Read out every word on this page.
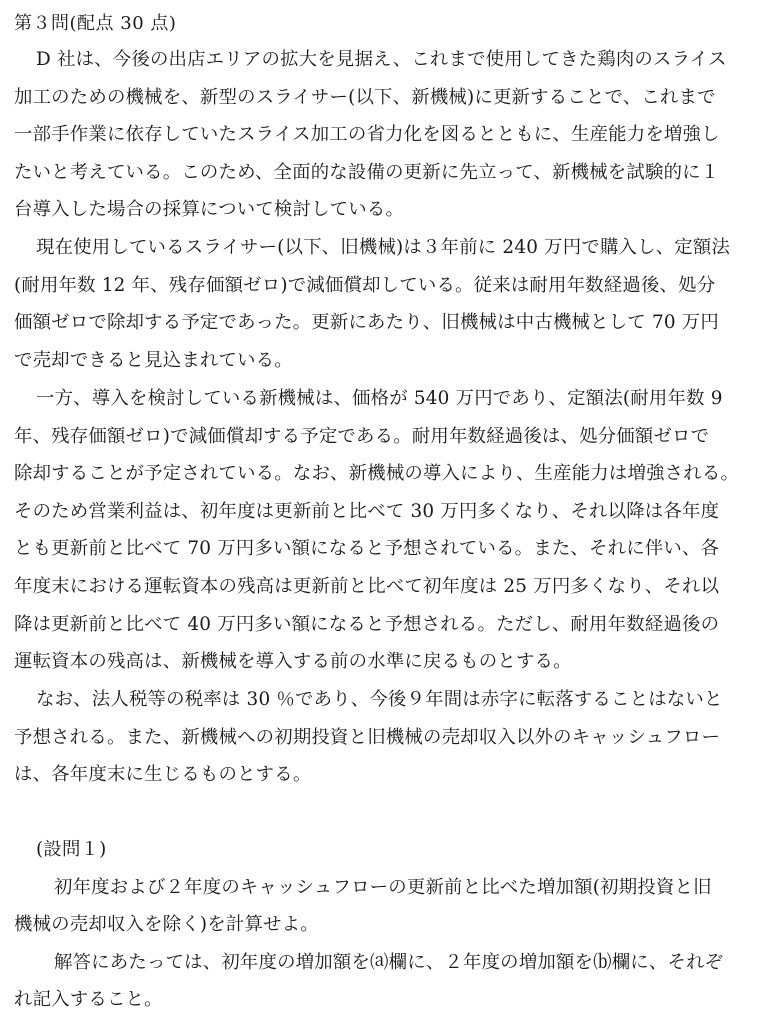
第３問(配点 30 点)
D 社は、今後の出店エリアの拡大を見据え、これまで使用してきた鶏肉のスライス
加工のための機械を、新型のスライサー(以下、新機械)に更新することで、これまで
一部手作業に依存していたスライス加工の省力化を図るとともに、生産能力を増強し
たいと考えている。このため、全面的な設備の更新に先立って、新機械を試験的に１
台導入した場合の採算について検討している。
現在使用しているスライサー(以下、旧機械)は３年前に 240 万円で購入し、定額法
(耐用年数 12 年、残存価額ゼロ)で減価償却している。従来は耐用年数経過後、処分
価額ゼロで除却する予定であった。更新にあたり、旧機械は中古機械として 70 万円
で売却できると見込まれている。
一方、導入を検討している新機械は、価格が 540 万円であり、定額法(耐用年数 9
年、残存価額ゼロ)で減価償却する予定である。耐用年数経過後は、処分価額ゼロで
除却することが予定されている。なお、新機械の導入により、生産能力は増強される。
そのため営業利益は、初年度は更新前と比べて 30 万円多くなり、それ以降は各年度
とも更新前と比べて 70 万円多い額になると予想されている。また、それに伴い、各
年度末における運転資本の残高は更新前と比べて初年度は 25 万円多くなり、それ以
降は更新前と比べて 40 万円多い額になると予想される。ただし、耐用年数経過後の
運転資本の残高は、新機械を導入する前の水準に戻るものとする。
なお、法人税等の税率は 30 ％であり、今後９年間は赤字に転落することはないと
予想される。また、新機械への初期投資と旧機械の売却収入以外のキャッシュフロー
は、各年度末に生じるものとする。
(設問１)
初年度および２年度のキャッシュフローの更新前と比べた増加額(初期投資と旧
機械の売却収入を除く)を計算せよ。
解答にあたっては、初年度の増加額を⒜欄に、２年度の増加額を⒝欄に、それぞ
れ記入すること。
